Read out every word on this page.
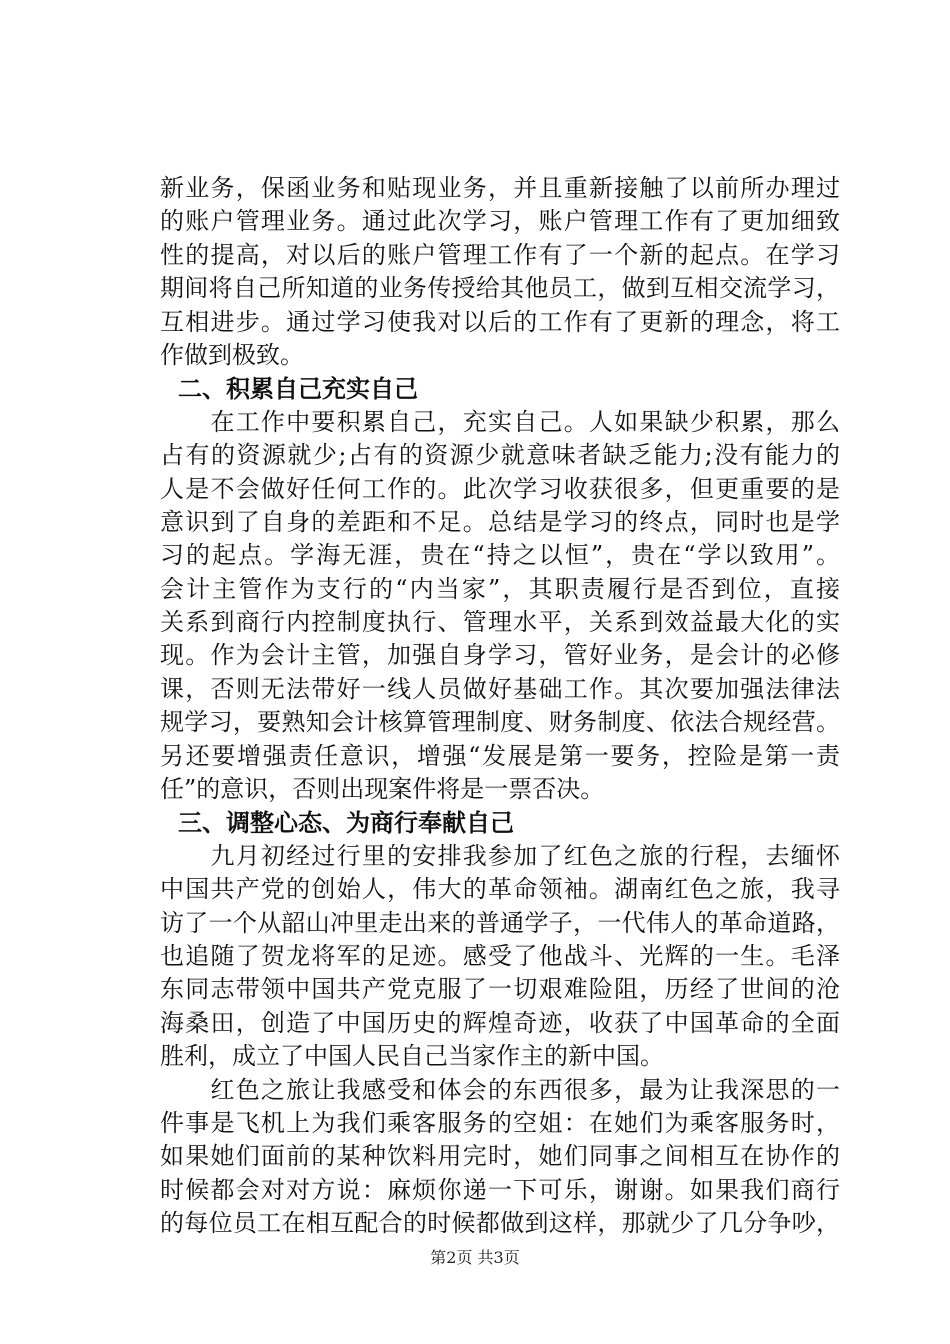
新业务，保函业务和贴现业务，并且重新接触了以前所办理过
的账户管理业务。通过此次学习，账户管理工作有了更加细致
性的提高，对以后的账户管理工作有了一个新的起点。在学习
期间将自己所知道的业务传授给其他员工，做到互相交流学习，
互相进步。通过学习使我对以后的工作有了更新的理念，将工
作做到极致。
二、积累自己充实自己
　　在工作中要积累自己，充实自己。人如果缺少积累，那么
占有的资源就少;占有的资源少就意味者缺乏能力;没有能力的
人是不会做好任何工作的。此次学习收获很多，但更重要的是
意识到了自身的差距和不足。总结是学习的终点，同时也是学
习的起点。学海无涯，贵在“持之以恒”，贵在“学以致用”。
会计主管作为支行的“内当家”，其职责履行是否到位，直接
关系到商行内控制度执行、管理水平，关系到效益最大化的实
现。作为会计主管，加强自身学习，管好业务，是会计的必修
课，否则无法带好一线人员做好基础工作。其次要加强法律法
规学习，要熟知会计核算管理制度、财务制度、依法合规经营。
另还要增强责任意识，增强“发展是第一要务，控险是第一责
任”的意识，否则出现案件将是一票否决。
三、调整心态、为商行奉献自己
　　九月初经过行里的安排我参加了红色之旅的行程，去缅怀
中国共产党的创始人，伟大的革命领袖。湖南红色之旅，我寻
访了一个从韶山冲里走出来的普通学子，一代伟人的革命道路，
也追随了贺龙将军的足迹。感受了他战斗、光辉的一生。毛泽
东同志带领中国共产党克服了一切艰难险阻，历经了世间的沧
海桑田，创造了中国历史的辉煌奇迹，收获了中国革命的全面
胜利，成立了中国人民自己当家作主的新中国。
　　红色之旅让我感受和体会的东西很多，最为让我深思的一
件事是飞机上为我们乘客服务的空姐：在她们为乘客服务时，
如果她们面前的某种饮料用完时，她们同事之间相互在协作的
时候都会对对方说：麻烦你递一下可乐，谢谢。如果我们商行
的每位员工在相互配合的时候都做到这样，那就少了几分争吵，
第2页 共3页
